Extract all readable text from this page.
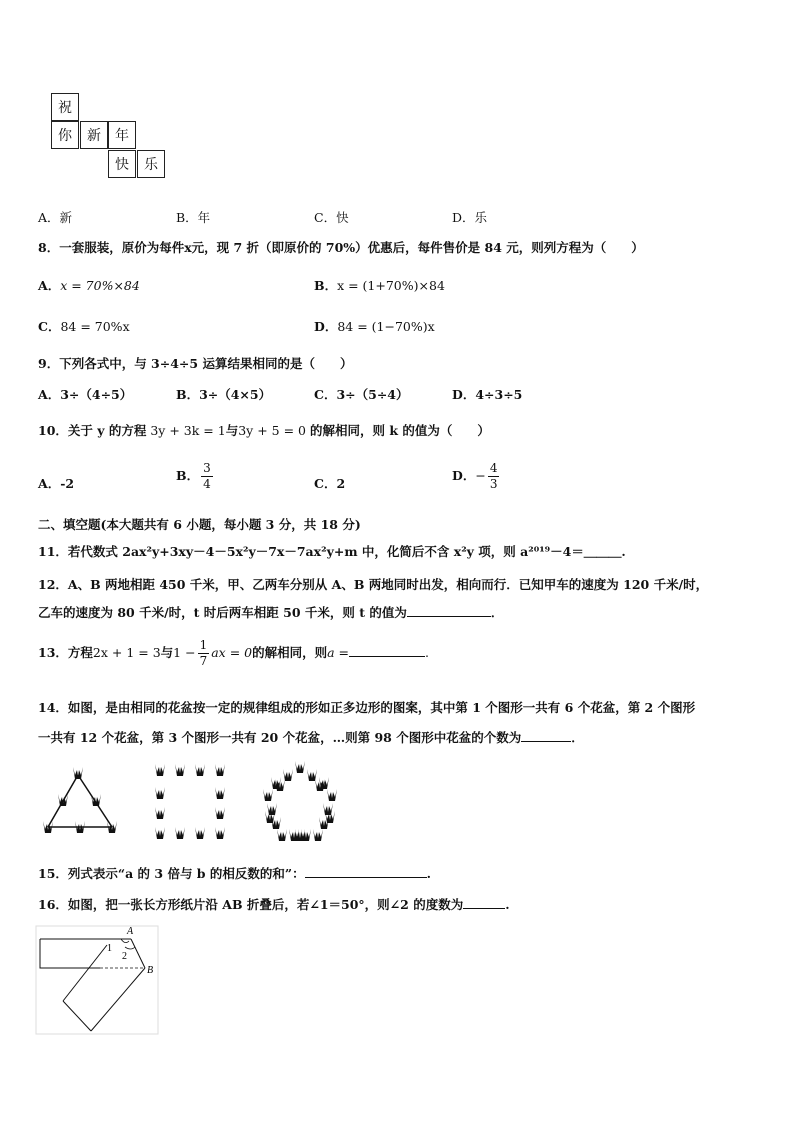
祝
你	新	年
快	乐
A．新	B．年	C．快	D．乐
8．一套服装，原价为每件x元，现 7 折（即原价的 70%）优惠后，每件售价是 84 元，则列方程为（　　）
A．x = 70%×84	B．x = (1+70%)×84
C．84 = 70%x	D．84 = (1−70%)x
9．下列各式中，与 3÷4÷5 运算结果相同的是（　　）
A．3÷（4÷5）	B．3÷（4×5）	C．3÷（5÷4）	D．4÷3÷5
10．关于 y 的方程 3y + 3k = 1与3y + 5 = 0 的解相同，则 k 的值为（　　）
A．-2
B． $\frac{3}{4}$	C．2
D．− $\frac{4}{3}$
二、填空题(本大题共有 6 小题，每小题 3 分，共 18 分)
11．若代数式 2ax²y+3xy－4－5x²y－7x－7ax²y+m 中，化简后不含 x²y 项，则 a²⁰¹⁹－4＝＿＿＿.
12．A、B 两地相距 450 千米，甲、乙两车分别从 A、B 两地同时出发，相向而行．已知甲车的速度为 120 千米/时，
乙车的速度为 80 千米/时，t 时后两车相距 50 千米，则 t 的值为	．
13．方程2x + 1 = 3与$1 - \frac{1}{7}$ ax = 0的解相同，则a =	.
14．如图，是由相同的花盆按一定的规律组成的形如正多边形的图案，其中第 1 个图形一共有 6 个花盆，第 2 个图形
一共有 12 个花盆，第 3 个图形一共有 20 个花盆，…则第 98 个图形中花盆的个数为	．
15．列式表示“a 的 3 倍与 b 的相反数的和”：	.
16．如图，把一张长方形纸片沿 AB 折叠后，若∠1＝50°，则∠2 的度数为	.
A
B
1
2
